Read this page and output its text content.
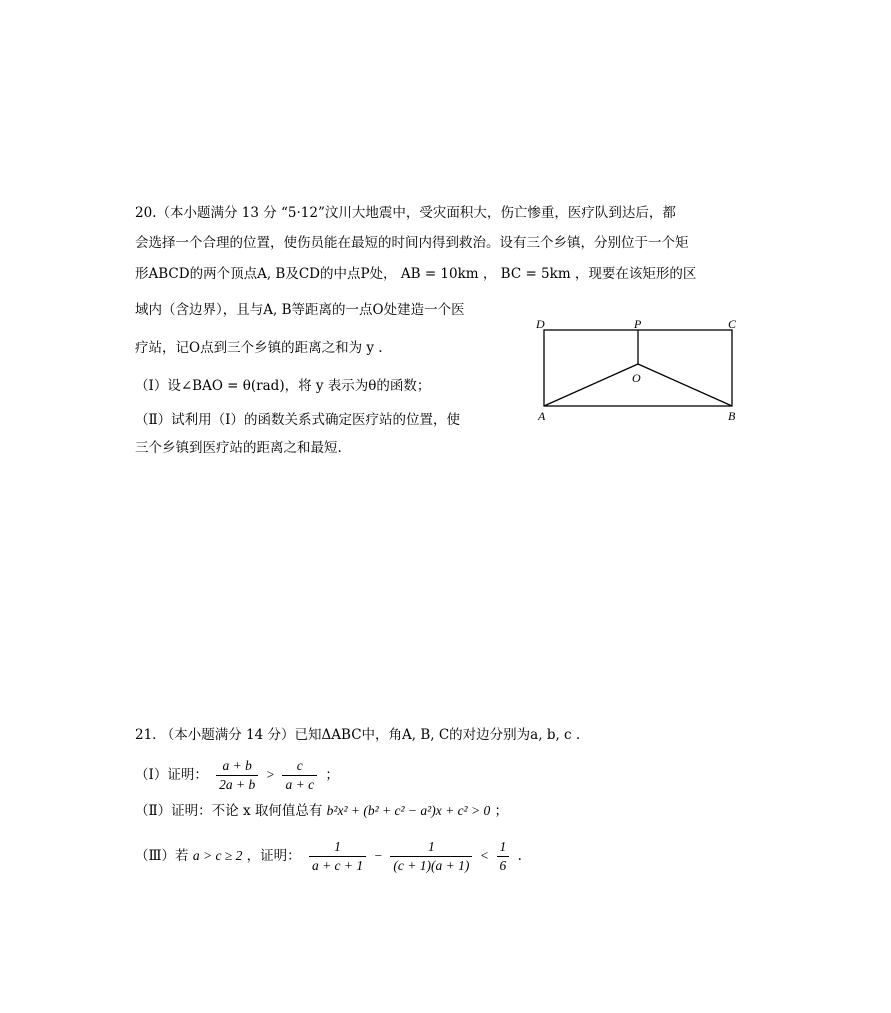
20.（本小题满分 13 分 “5·12”汶川大地震中，受灾面积大，伤亡惨重，医疗队到达后，都
会选择一个合理的位置，使伤员能在最短的时间内得到救治。设有三个乡镇，分别位于一个矩
形ABCD的两个顶点A, B及CD的中点P处， AB = 10km ， BC = 5km ，现要在该矩形的区
域内（含边界），且与A, B等距离的一点O处建造一个医
疗站，记O点到三个乡镇的距离之和为 y .
（Ⅰ）设∠BAO = θ(rad)，将 y 表示为θ的函数；
（Ⅱ）试利用（Ⅰ）的函数关系式确定医疗站的位置，使
三个乡镇到医疗站的距离之和最短.
D	P	C
O
A	B
21. （本小题满分 14 分）已知ΔABC中，角A, B, C的对边分别为a, b, c .
（Ⅰ）证明： $\frac{a + b}{2a + b} > \frac{c}{a + c}$ ；
（Ⅱ）证明：不论 x 取何值总有 b²x² + (b² + c² − a²)x + c² > 0 ；
（Ⅲ）若 a > c ≥ 2 ，证明： $\frac{1}{a + c + 1} - \frac{1}{(c + 1)(a + 1)} < \frac{1}{6}$ .
